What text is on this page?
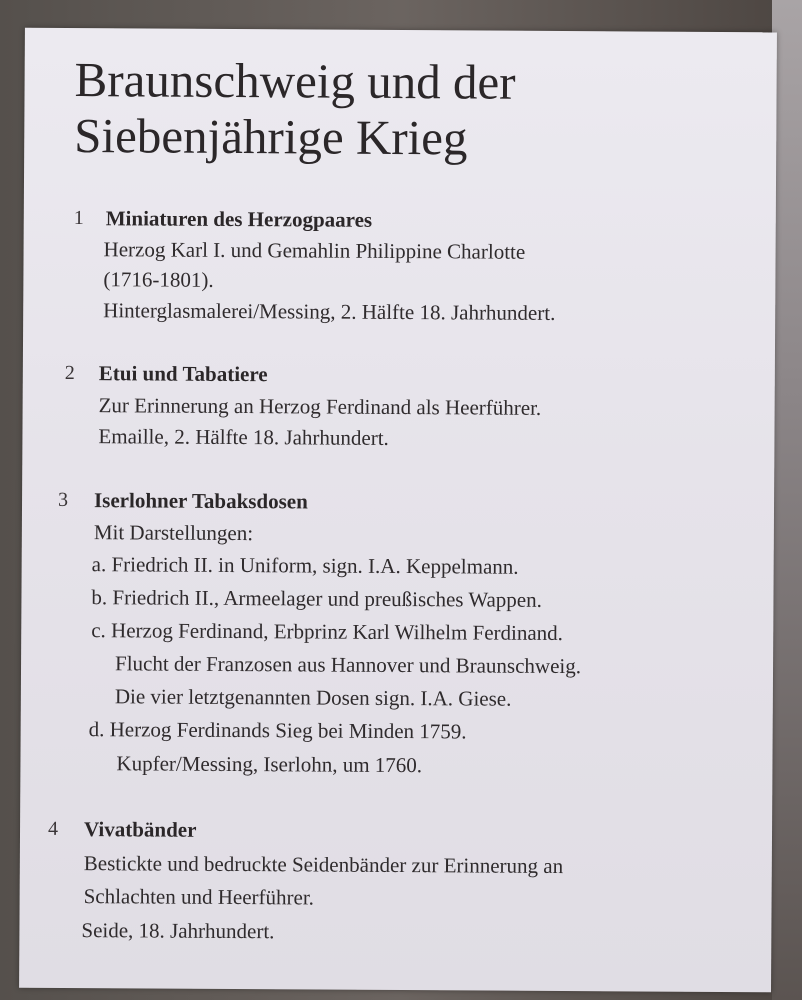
Braunschweig und der
Siebenjährige Krieg
1 Miniaturen des Herzogpaares
Herzog Karl I. und Gemahlin Philippine Charlotte
(1716-1801).
Hinterglasmalerei/Messing, 2. Hälfte 18. Jahrhundert.
2 Etui und Tabatiere
Zur Erinnerung an Herzog Ferdinand als Heerführer.
Emaille, 2. Hälfte 18. Jahrhundert.
3 Iserlohner Tabaksdosen
Mit Darstellungen:
a. Friedrich II. in Uniform, sign. I.A. Keppelmann.
b. Friedrich II., Armeelager und preußisches Wappen.
c. Herzog Ferdinand, Erbprinz Karl Wilhelm Ferdinand.
Flucht der Franzosen aus Hannover und Braunschweig.
Die vier letztgenannten Dosen sign. I.A. Giese.
d. Herzog Ferdinands Sieg bei Minden 1759.
Kupfer/Messing, Iserlohn, um 1760.
4 Vivatbänder
Bestickte und bedruckte Seidenbänder zur Erinnerung an
Schlachten und Heerführer.
Seide, 18. Jahrhundert.
